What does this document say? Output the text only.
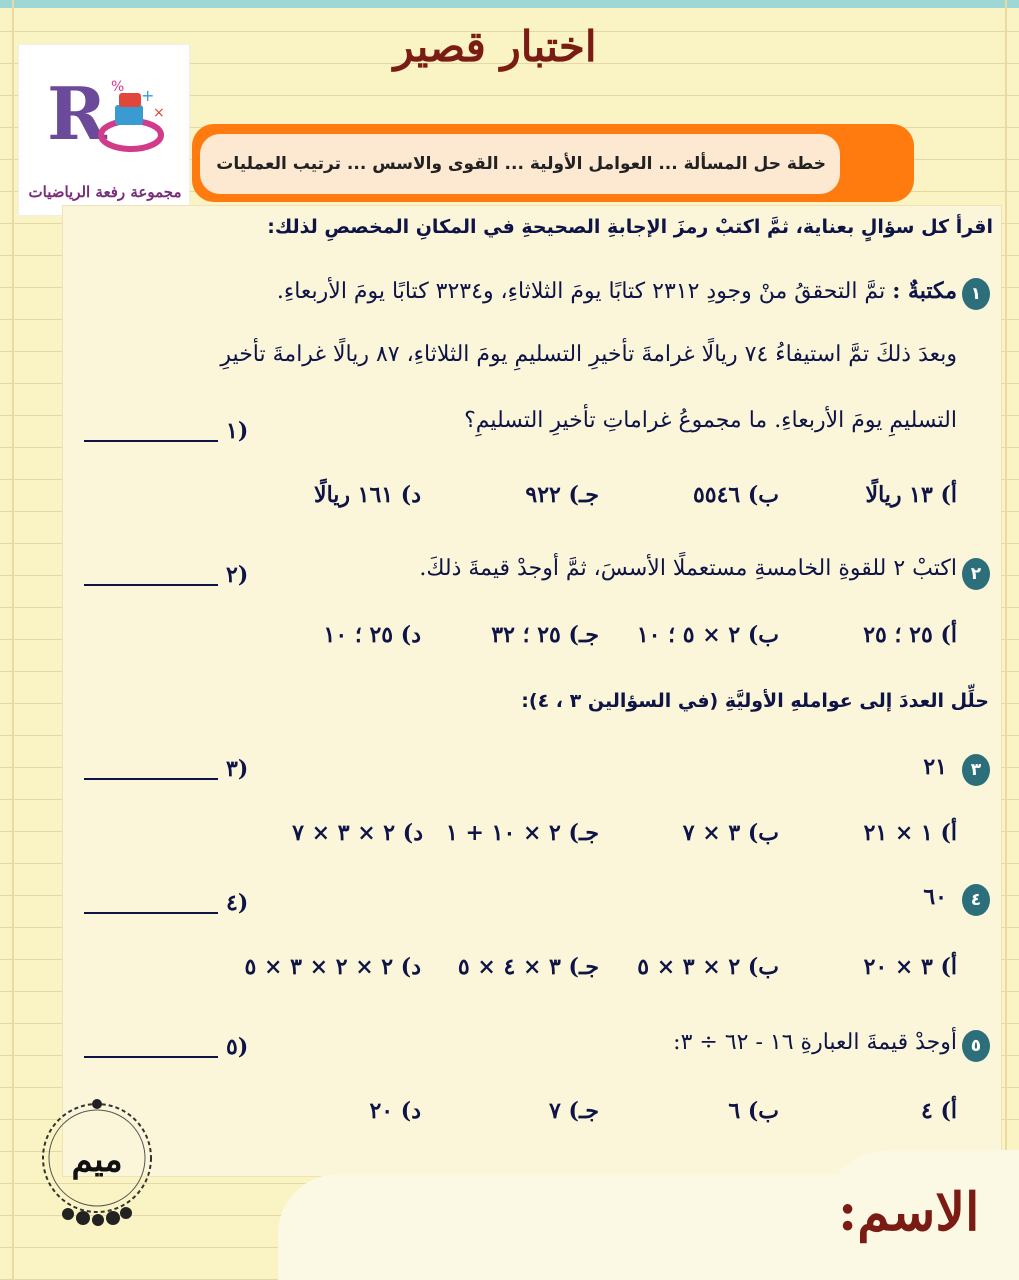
اختبار قصير
R +
×
%
مجموعة رفعة الرياضيات
خطة حل المسألة ... العوامل الأولية ... القوى والاسس ... ترتيب العمليات
اقرأ كل سؤالٍ بعناية، ثمَّ اكتبْ رمزَ الإجابةِ الصحيحةِ في المكانِ المخصصِ لذلك:
١
مكتبةٌ : تمَّ التحققُ منْ وجودِ ٢٣١٢ كتابًا يومَ الثلاثاءِ، و٣٢٣٤ كتابًا يومَ الأربعاءِ.
وبعدَ ذلكَ تمَّ استيفاءُ ٧٤ ريالًا غرامةَ تأخيرِ التسليمِ يومَ الثلاثاءِ، ٨٧ ريالًا غرامةَ تأخيرِ
التسليمِ يومَ الأربعاءِ. ما مجموعُ غراماتِ تأخيرِ التسليمِ؟
١)
أ) ١٣ ريالًا
ب) ٥٥٤٦
جـ) ٩٢٢
د) ١٦١ ريالًا
٢
اكتبْ ٢ للقوةِ الخامسةِ مستعملًا الأسسَ، ثمَّ أوجدْ قيمةَ ذلكَ.
٢)
أ) ٢٥ ؛ ٢٥
ب) ٢ × ٥ ؛ ١٠
جـ) ٢٥ ؛ ٣٢
د) ٢٥ ؛ ١٠
حلِّل العددَ إلى عواملهِ الأوليَّةِ (في السؤالين ٣ ، ٤):
٣
٢١
٣)
أ) ١ × ٢١
ب) ٣ × ٧
جـ) ٢ × ١٠ + ١
د) ٢ × ٣ × ٧
٤
٦٠
٤)
أ) ٣ × ٢٠
ب) ٢ × ٣ × ٥
جـ) ٣ × ٤ × ٥
د) ٢ × ٢ × ٣ × ٥
٥
أوجدْ قيمةَ العبارةِ ١٦ - ٦٢ ÷ ٣:
٥)
أ) ٤
ب) ٦
جـ) ٧
د) ٢٠
الاسم:
ميم
